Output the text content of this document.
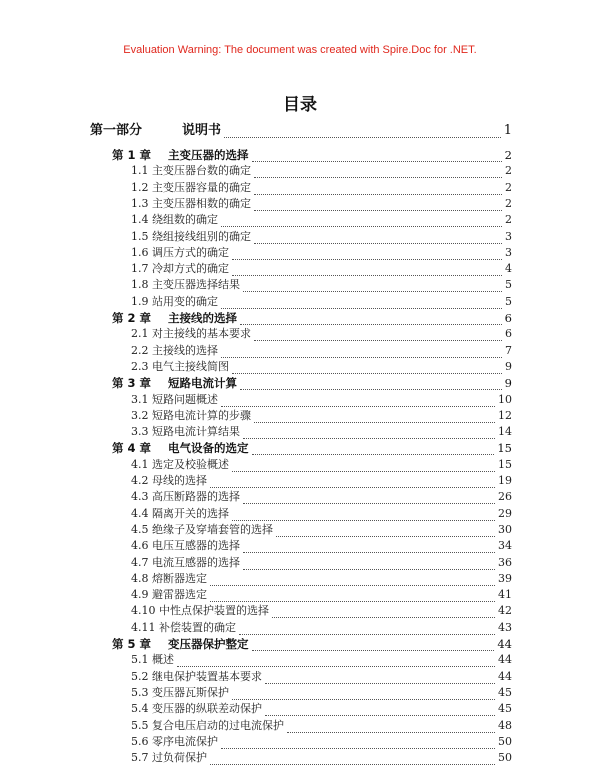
Evaluation Warning: The document was created with Spire.Doc for .NET.
目录
第一部分	说明书	1
第 1 章 主变压器的选择	2
1.1 主变压器台数的确定	2
1.2 主变压器容量的确定	2
1.3 主变压器相数的确定	2
1.4 绕组数的确定	2
1.5 绕组接线组别的确定	3
1.6 调压方式的确定	3
1.7 冷却方式的确定	4
1.8 主变压器选择结果	5
1.9 站用变的确定	5
第 2 章 主接线的选择	6
2.1 对主接线的基本要求	6
2.2 主接线的选择	7
2.3 电气主接线简图	9
第 3 章 短路电流计算	9
3.1 短路问题概述	10
3.2 短路电流计算的步骤	12
3.3 短路电流计算结果	14
第 4 章 电气设备的选定	15
4.1 选定及校验概述	15
4.2 母线的选择	19
4.3 高压断路器的选择	26
4.4 隔离开关的选择	29
4.5 绝缘子及穿墙套管的选择	30
4.6 电压互感器的选择	34
4.7 电流互感器的选择	36
4.8 熔断器选定	39
4.9 避雷器选定	41
4.10 中性点保护装置的选择	42
4.11 补偿装置的确定	43
第 5 章 变压器保护整定	44
5.1 概述	44
5.2 继电保护装置基本要求	44
5.3 变压器瓦斯保护	45
5.4 变压器的纵联差动保护	45
5.5 复合电压启动的过电流保护	48
5.6 零序电流保护	50
5.7 过负荷保护	50
